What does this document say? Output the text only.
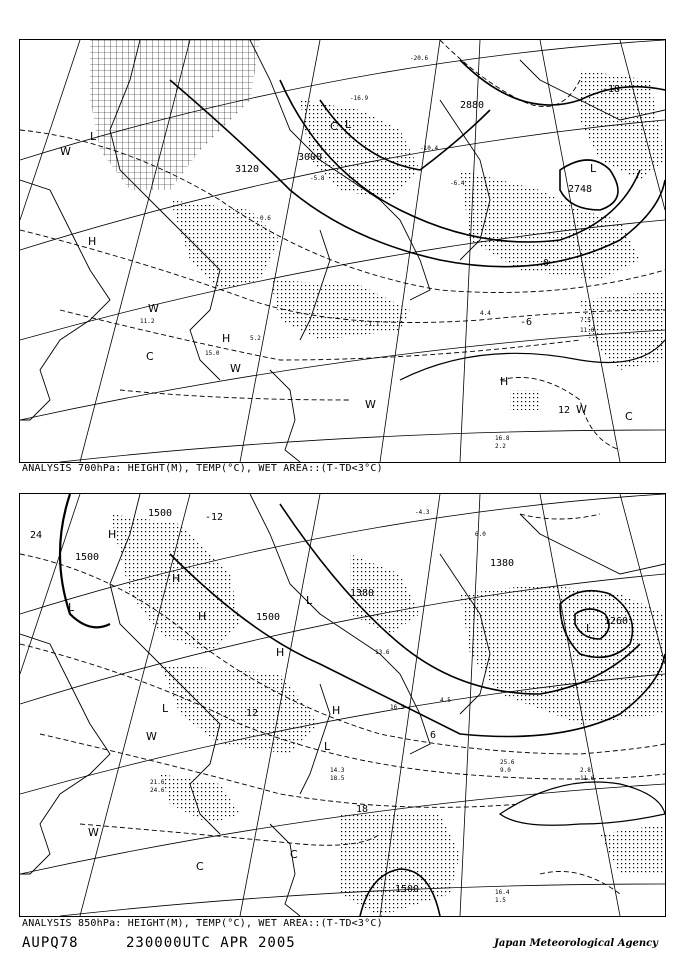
-20.6
-16.9
-10.4
-5.8
0.6
4.4
7.5
11.2
15.0
16.8
2.2
11.0
-6.4
-1.1
5.2
3120
3000
2880
2748
0
-6
12
-18
L
L
L
H
H
H
W
W
W
W	W
C
C
C
ANALYSIS 700hPa: HEIGHT(M), TEMP(°C), WET AREA::(T-TD<3°C)
-4.3
6.0
13.6
16.5
21.6
24.6
4.5
14.3
18.5
2.8
11.6
16.4
1.5
25.6
9.0
1500
1500
1500
1380
1380
1260
1500
24
12
18
-12
6
L
L
L
L
L
H
H
H
H
H
W
W
C
C
ANALYSIS 850hPa: HEIGHT(M), TEMP(°C), WET AREA::(T-TD<3°C)
AUPQ78	230000UTC APR 2005	Japan Meteorological Agency
